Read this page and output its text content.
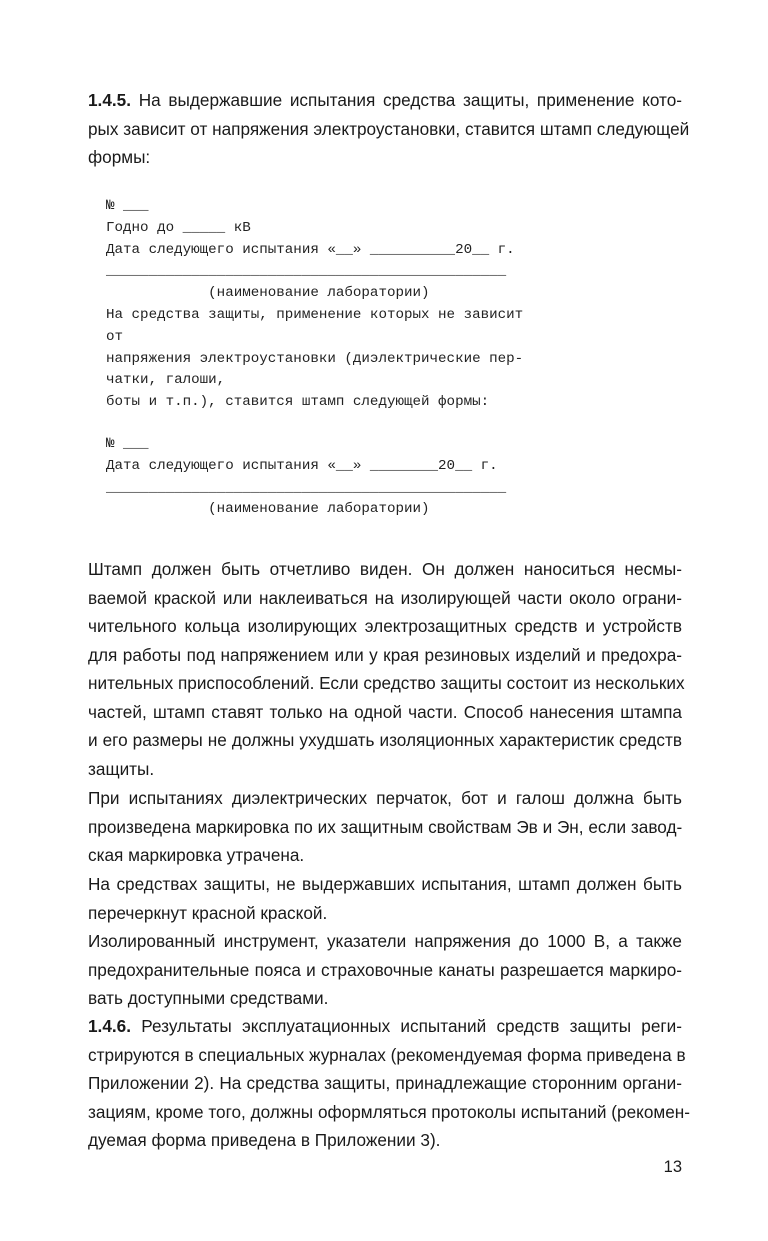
1.4.5. На выдержавшие испытания средства защиты, применение кото-
рых зависит от напряжения электроустановки, ставится штамп следующей
формы:
№ ___
Годно до _____ кВ
Дата следующего испытания «__» __________20__ г.
_______________________________________________
(наименование лаборатории)
На средства защиты, применение которых не зависит
от
напряжения электроустановки (диэлектрические пер-
чатки, галоши,
боты и т.п.), ставится штамп следующей формы:
№ ___
Дата следующего испытания «__» ________20__ г.
_______________________________________________
(наименование лаборатории)
Штамп должен быть отчетливо виден. Он должен наноситься несмы-
ваемой краской или наклеиваться на изолирующей части около ограни-
чительного кольца изолирующих электрозащитных средств и устройств
для работы под напряжением или у края резиновых изделий и предохра-
нительных приспособлений. Если средство защиты состоит из нескольких
частей, штамп ставят только на одной части. Способ нанесения штампа
и его размеры не должны ухудшать изоляционных характеристик средств
защиты.
При испытаниях диэлектрических перчаток, бот и галош должна быть
произведена маркировка по их защитным свойствам Эв и Эн, если завод-
ская маркировка утрачена.
На средствах защиты, не выдержавших испытания, штамп должен быть
перечеркнут красной краской.
Изолированный инструмент, указатели напряжения до 1000 В, а также
предохранительные пояса и страховочные канаты разрешается маркиро-
вать доступными средствами.
1.4.6. Результаты эксплуатационных испытаний средств защиты реги-
стрируются в специальных журналах (рекомендуемая форма приведена в
Приложении 2). На средства защиты, принадлежащие сторонним органи-
зациям, кроме того, должны оформляться протоколы испытаний (рекомен-
дуемая форма приведена в Приложении 3).
13
